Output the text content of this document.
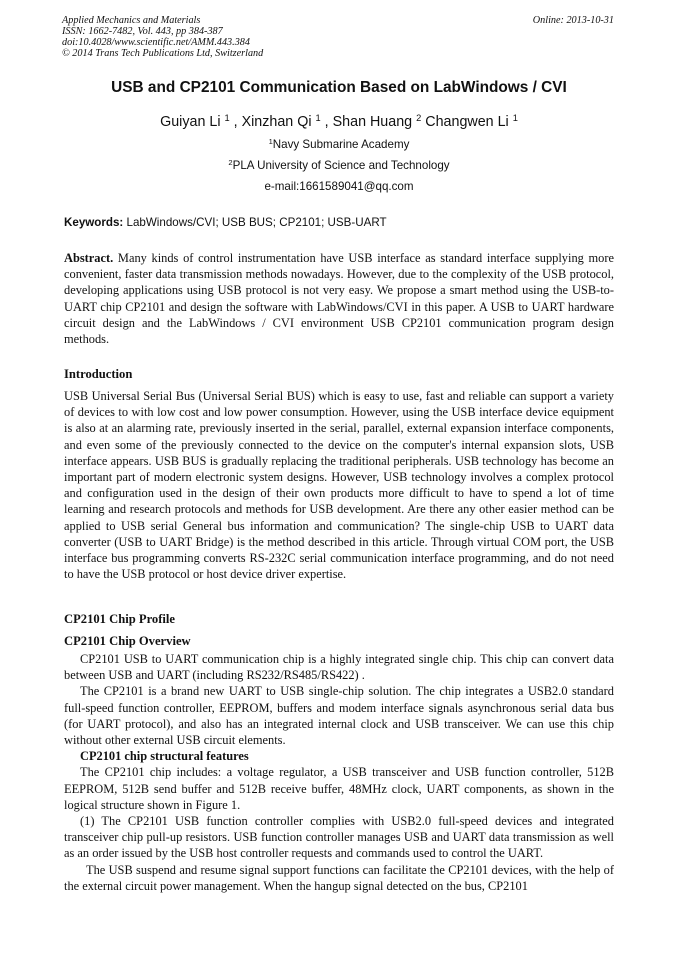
Applied Mechanics and Materials
ISSN: 1662-7482, Vol. 443, pp 384-387
doi:10.4028/www.scientific.net/AMM.443.384
© 2014 Trans Tech Publications Ltd, Switzerland
Online: 2013-10-31
USB and CP2101 Communication Based on LabWindows / CVI
Guiyan Li $^1$ , Xinzhan Qi $^1$ , Shan Huang $^2$ Changwen Li $^1$
$^1$Navy Submarine Academy
$^2$PLA University of Science and Technology
e-mail:1661589041@qq.com
Keywords: LabWindows/CVI; USB BUS; CP2101; USB-UART

Abstract. Many kinds of control instrumentation have USB interface as standard interface supplying more convenient, faster data transmission methods nowadays. However, due to the complexity of the USB protocol, developing applications using USB protocol is not very easy. We propose a smart method using the USB-to-UART chip CP2101 and design the software with LabWindows/CVI in this paper. A USB to UART hardware circuit design and the LabWindows / CVI environment USB CP2101 communication program design methods.

Introduction

USB Universal Serial Bus (Universal Serial BUS) which is easy to use, fast and reliable can support a variety of devices to with low cost and low power consumption. However, using the USB interface device equipment is also at an alarming rate, previously inserted in the serial, parallel, external expansion interface components, and even some of the previously connected to the device on the computer's internal expansion slots, USB interface appears. USB BUS is gradually replacing the traditional peripherals. USB technology has become an important part of modern electronic system designs. However, USB technology involves a complex protocol and configuration used in the design of their own products more difficult to have to spend a lot of time learning and research protocols and methods for USB development. Are there any other easier method can be applied to USB serial General bus information and communication? The single-chip USB to UART data converter (USB to UART Bridge) is the method described in this article. Through virtual COM port, the USB interface bus programming converts RS-232C serial communication interface programming, and do not need to have the USB protocol or host device driver expertise.

CP2101 Chip Profile
CP2101 Chip Overview

CP2101 USB to UART communication chip is a highly integrated single chip. This chip can convert data between USB and UART (including RS232/RS485/RS422) .

The CP2101 is a brand new UART to USB single-chip solution. The chip integrates a USB2.0 standard full-speed function controller, EEPROM, buffers and modem interface signals asynchronous serial data bus (for UART protocol), and also has an integrated internal clock and USB transceiver. We can use this chip without other external USB circuit elements.

CP2101 chip structural features

The CP2101 chip includes: a voltage regulator, a USB transceiver and USB function controller, 512B EEPROM, 512B send buffer and 512B receive buffer, 48MHz clock, UART components, as shown in the logical structure shown in Figure 1.

(1) The CP2101 USB function controller complies with USB2.0 full-speed devices and integrated transceiver chip pull-up resistors. USB function controller manages USB and UART data transmission as well as an order issued by the USB host controller requests and commands used to control the UART.

The USB suspend and resume signal support functions can facilitate the CP2101 devices, with the help of the external circuit power management. When the hangup signal detected on the bus, CP2101
